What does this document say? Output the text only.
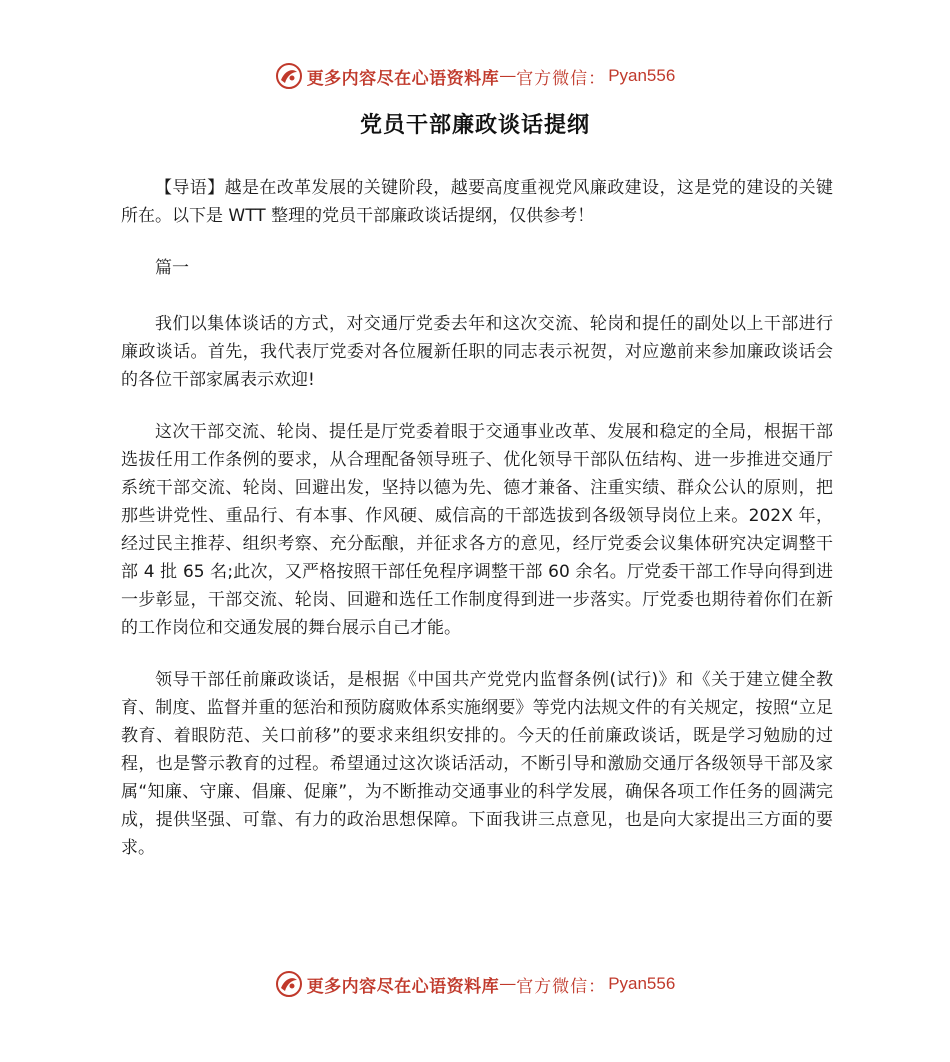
更多内容尽在心语资料库 — 官方微信： Pyan556
党员干部廉政谈话提纲

【导语】越是在改革发展的关键阶段，越要高度重视党风廉政建设，这是党的建设的关键所在。以下是 WTT 整理的党员干部廉政谈话提纲，仅供参考！

篇一

我们以集体谈话的方式，对交通厅党委去年和这次交流、轮岗和提任的副处以上干部进行廉政谈话。首先，我代表厅党委对各位履新任职的同志表示祝贺，对应邀前来参加廉政谈话会的各位干部家属表示欢迎!

这次干部交流、轮岗、提任是厅党委着眼于交通事业改革、发展和稳定的全局，根据干部选拔任用工作条例的要求，从合理配备领导班子、优化领导干部队伍结构、进一步推进交通厅系统干部交流、轮岗、回避出发，坚持以德为先、德才兼备、注重实绩、群众公认的原则，把那些讲党性、重品行、有本事、作风硬、威信高的干部选拔到各级领导岗位上来。202X 年，经过民主推荐、组织考察、充分酝酿，并征求各方的意见，经厅党委会议集体研究决定调整干部 4 批 65 名;此次，又严格按照干部任免程序调整干部 60 余名。厅党委干部工作导向得到进一步彰显，干部交流、轮岗、回避和选任工作制度得到进一步落实。厅党委也期待着你们在新的工作岗位和交通发展的舞台展示自己才能。

领导干部任前廉政谈话，是根据《中国共产党党内监督条例(试行)》和《关于建立健全教育、制度、监督并重的惩治和预防腐败体系实施纲要》等党内法规文件的有关规定，按照“立足教育、着眼防范、关口前移”的要求来组织安排的。今天的任前廉政谈话，既是学习勉励的过程，也是警示教育的过程。希望通过这次谈话活动，不断引导和激励交通厅各级领导干部及家属“知廉、守廉、倡廉、促廉”，为不断推动交通事业的科学发展，确保各项工作任务的圆满完成，提供坚强、可靠、有力的政治思想保障。下面我讲三点意见，也是向大家提出三方面的要求。

更多内容尽在心语资料库 — 官方微信： Pyan556
